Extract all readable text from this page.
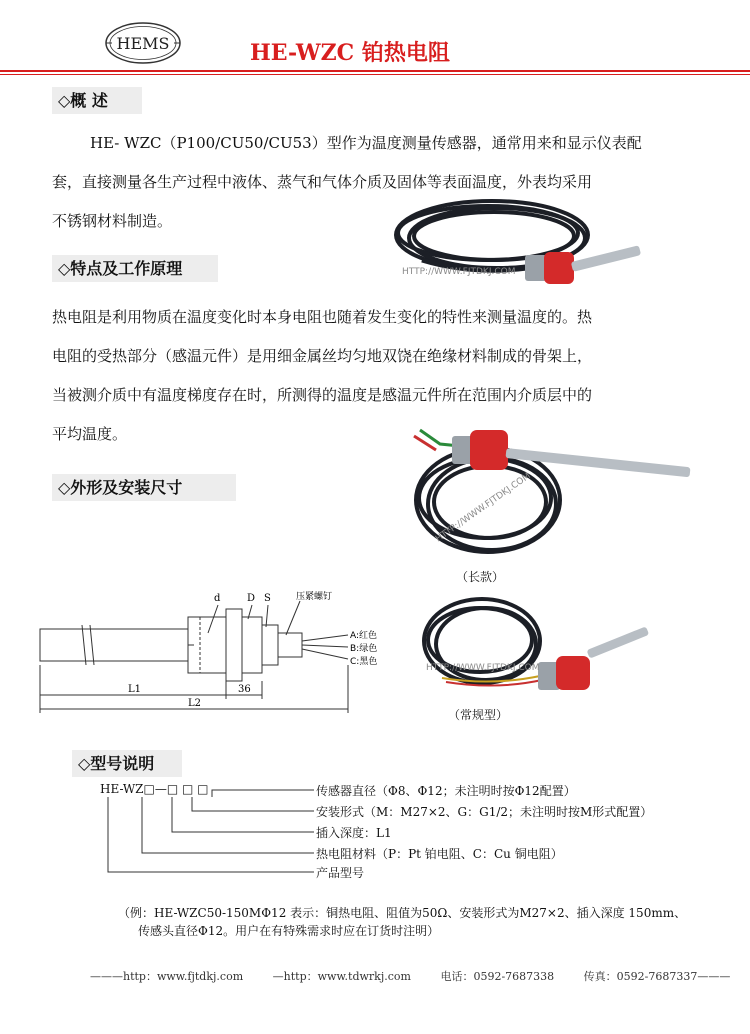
HEMS	HE-WZC 铂热电阻
◇概 述
HE- WZC（P100/CU50/CU53）型作为温度测量传感器，通常用来和显示仪表配
套，直接测量各生产过程中液体、蒸气和气体介质及固体等表面温度，外表均采用
不锈钢材料制造。
◇特点及工作原理
热电阻是利用物质在温度变化时本身电阻也随着发生变化的特性来测量温度的。热
电阻的受热部分（感温元件）是用细金属丝均匀地双饶在绝缘材料制成的骨架上，
当被测介质中有温度梯度存在时，所测得的温度是感温元件所在范围内介质层中的
平均温度。
HTTP://WWW.FJTDKJ.COM
HTTP://WWW.FJTDKJ.COM
（长款）
◇外形及安装尺寸
d	D S	压紧螺钉
A:红色
B:绿色
C:黑色
L1	36
L2
HTTP://WWW.FJTDKJ.COM
（常规型）
◇型号说明
HE-WZ□—□ □ □	传感器直径（Φ8、Φ12；未注明时按Φ12配置）
安装形式（M：M27×2、G：G1/2；未注明时按M形式配置）
插入深度：L1
热电阻材料（P：Pt 铂电阻、C：Cu 铜电阻）
产品型号
（例：HE-WZC50-150MΦ12 表示：铜热电阻、阻值为50Ω、安装形式为M27×2、插入深度 150mm、
传感头直径Φ12。用户在有特殊需求时应在订货时注明）
———http：www.fjtdkj.com	—http：www.tdwrkj.com	电话：0592-7687338	传真：0592-7687337———
